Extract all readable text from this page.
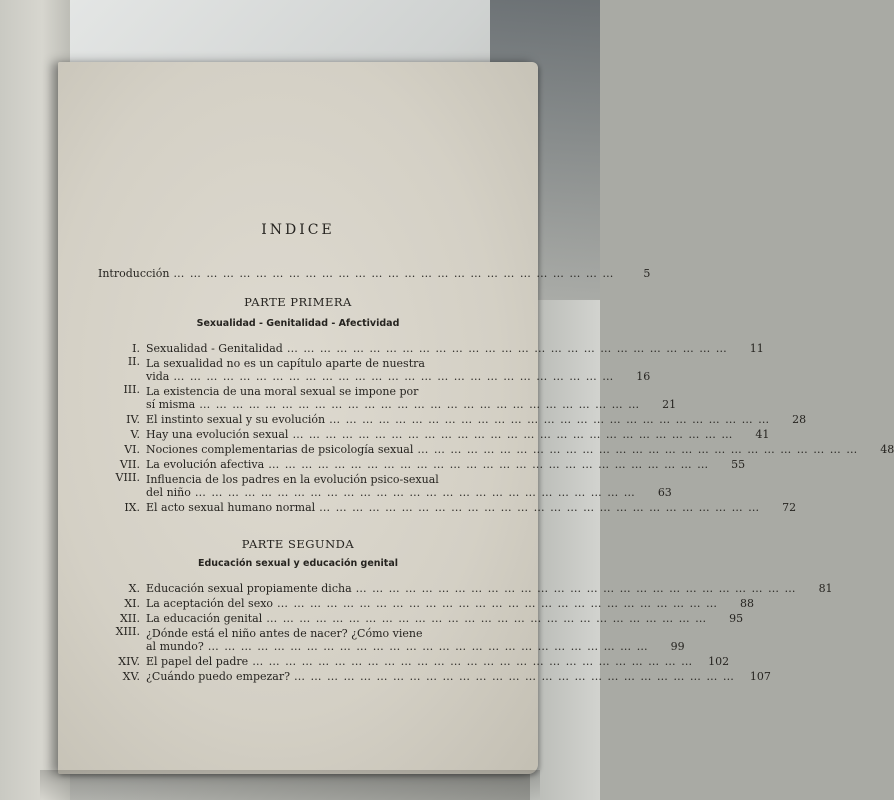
INDICE
Introducción … … … … … … … … … … … … … … … … … … … … … … … … … … …	5
PARTE PRIMERA
Sexualidad - Genitalidad - Afectividad
I. Sexualidad - Genitalidad … … … … … … … … … … … … … … … … … … … … … … … … … … …	11
II. La sexualidad no es un capítulo aparte de nuestra
vida … … … … … … … … … … … … … … … … … … … … … … … … … … …	16
III. La existencia de una moral sexual se impone por
sí misma … … … … … … … … … … … … … … … … … … … … … … … … … … …	21
IV. El instinto sexual y su evolución … … … … … … … … … … … … … … … … … … … … … … … … … … …	28
V. Hay una evolución sexual … … … … … … … … … … … … … … … … … … … … … … … … … … …	41
VI. Nociones complementarias de psicología sexual … … … … … … … … … … … … … … … … … … … … … … … … … … …	48
VII. La evolución afectiva … … … … … … … … … … … … … … … … … … … … … … … … … … …	55
VIII. Influencia de los padres en la evolución psico-sexual
del niño … … … … … … … … … … … … … … … … … … … … … … … … … … …	63
IX. El acto sexual humano normal … … … … … … … … … … … … … … … … … … … … … … … … … … …	72
PARTE SEGUNDA
Educación sexual y educación genital
X. Educación sexual propiamente dicha … … … … … … … … … … … … … … … … … … … … … … … … … … …	81
XI. La aceptación del sexo … … … … … … … … … … … … … … … … … … … … … … … … … … …	88
XII. La educación genital … … … … … … … … … … … … … … … … … … … … … … … … … … …	95
XIII. ¿Dónde está el niño antes de nacer? ¿Cómo viene
al mundo? … … … … … … … … … … … … … … … … … … … … … … … … … … …	99
XIV. El papel del padre … … … … … … … … … … … … … … … … … … … … … … … … … … …	102
XV. ¿Cuándo puedo empezar? … … … … … … … … … … … … … … … … … … … … … … … … … … …	107
